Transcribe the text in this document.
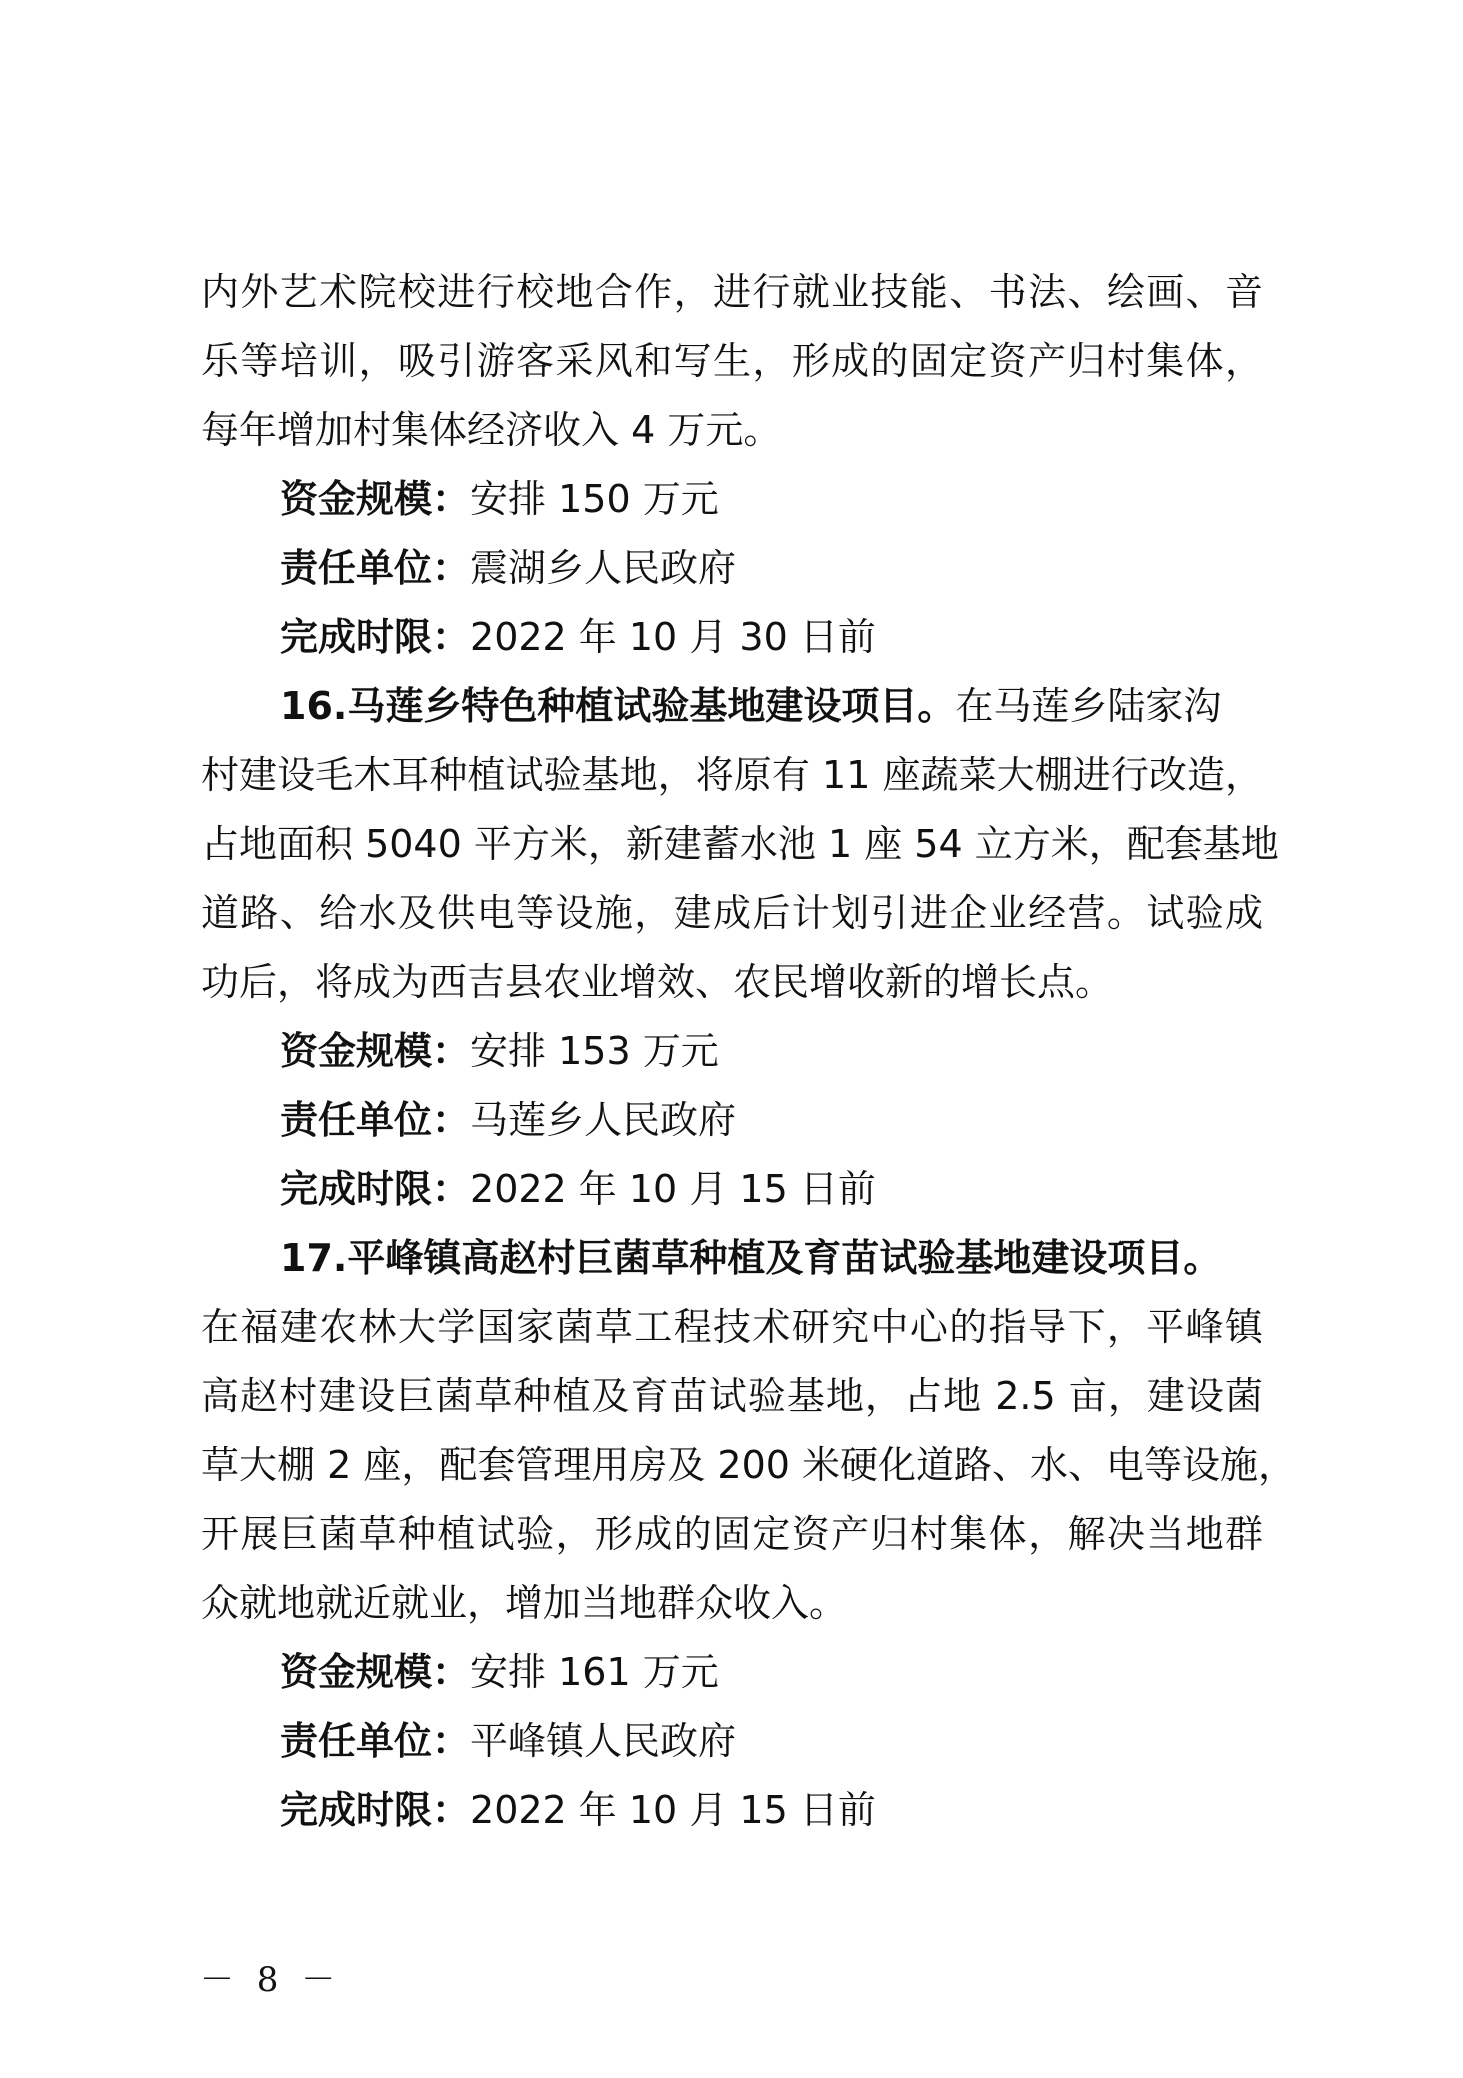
内外艺术院校进行校地合作，进行就业技能、书法、绘画、音
乐等培训，吸引游客采风和写生，形成的固定资产归村集体，
每年增加村集体经济收入 4 万元。
资金规模：安排 150 万元
责任单位：震湖乡人民政府
完成时限：2022 年 10 月 30 日前
16.马莲乡特色种植试验基地建设项目。在马莲乡陆家沟
村建设毛木耳种植试验基地，将原有 11 座蔬菜大棚进行改造，
占地面积 5040 平方米，新建蓄水池 1 座 54 立方米，配套基地
道路、给水及供电等设施，建成后计划引进企业经营。试验成
功后，将成为西吉县农业增效、农民增收新的增长点。
资金规模：安排 153 万元
责任单位：马莲乡人民政府
完成时限：2022 年 10 月 15 日前
17.平峰镇高赵村巨菌草种植及育苗试验基地建设项目。
在福建农林大学国家菌草工程技术研究中心的指导下，平峰镇
高赵村建设巨菌草种植及育苗试验基地，占地 2.5 亩，建设菌
草大棚 2 座，配套管理用房及 200 米硬化道路、水、电等设施，
开展巨菌草种植试验，形成的固定资产归村集体，解决当地群
众就地就近就业，增加当地群众收入。
资金规模：安排 161 万元
责任单位：平峰镇人民政府
完成时限：2022 年 10 月 15 日前
－ 8 －
